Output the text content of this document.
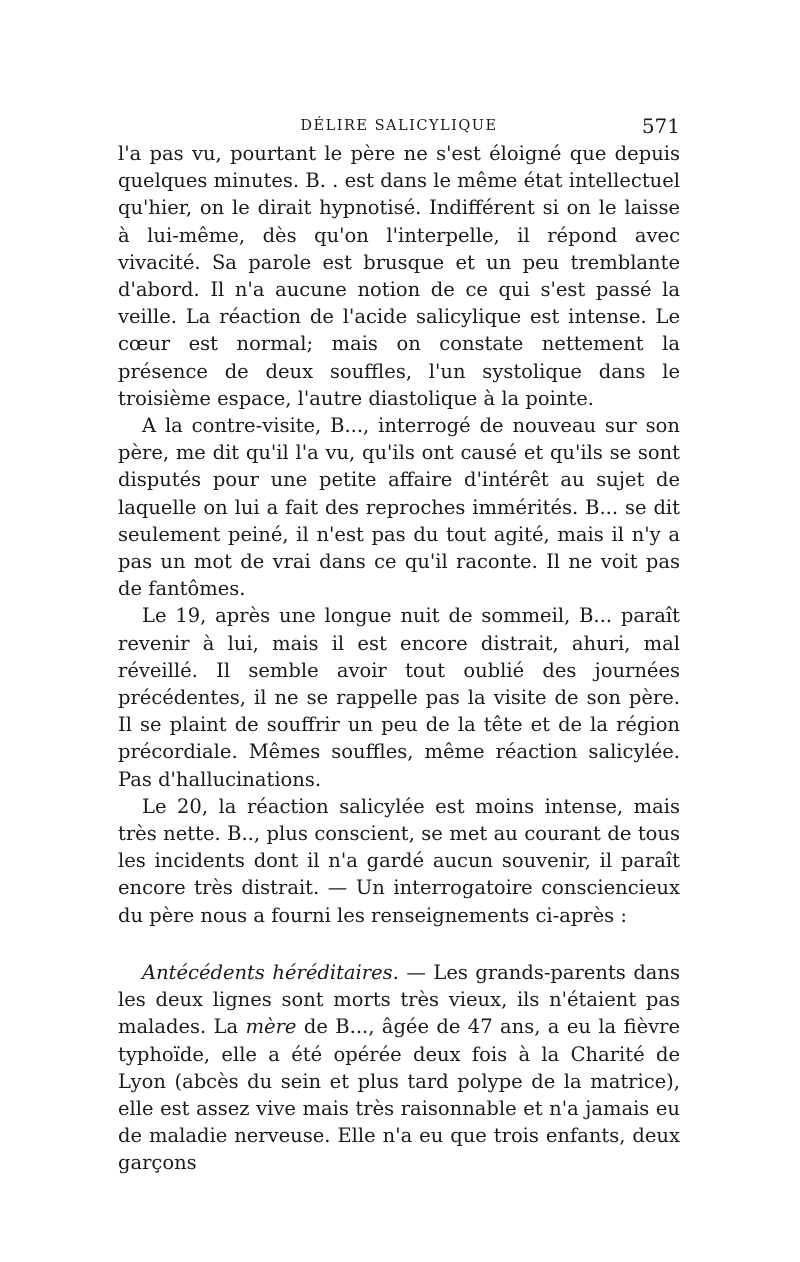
DÉLIRE SALICYLIQUE	571

l'a pas vu, pourtant le père ne s'est éloigné que depuis quelques minutes. B. . est dans le même état intellectuel qu'hier, on le dirait hypnotisé. Indifférent si on le laisse à lui-même, dès qu'on l'interpelle, il répond avec vivacité. Sa parole est brusque et un peu tremblante d'abord. Il n'a aucune notion de ce qui s'est passé la veille. La réaction de l'acide salicylique est intense. Le cœur est normal; mais on constate nettement la présence de deux souffles, l'un systolique dans le troisième espace, l'autre diastolique à la pointe.

A la contre-visite, B..., interrogé de nouveau sur son père, me dit qu'il l'a vu, qu'ils ont causé et qu'ils se sont disputés pour une petite affaire d'intérêt au sujet de laquelle on lui a fait des reproches immérités. B... se dit seulement peiné, il n'est pas du tout agité, mais il n'y a pas un mot de vrai dans ce qu'il raconte. Il ne voit pas de fantômes.

Le 19, après une longue nuit de sommeil, B... paraît revenir à lui, mais il est encore distrait, ahuri, mal réveillé. Il semble avoir tout oublié des journées précédentes, il ne se rappelle pas la visite de son père. Il se plaint de souffrir un peu de la tête et de la région précordiale. Mêmes souffles, même réaction salicylée. Pas d'hallucinations.

Le 20, la réaction salicylée est moins intense, mais très nette. B.., plus conscient, se met au courant de tous les incidents dont il n'a gardé aucun souvenir, il paraît encore très distrait. — Un interrogatoire consciencieux du père nous a fourni les renseignements ci-après :

Antécédents héréditaires. — Les grands-parents dans les deux lignes sont morts très vieux, ils n'étaient pas malades. La mère de B..., âgée de 47 ans, a eu la fièvre typhoïde, elle a été opérée deux fois à la Charité de Lyon (abcès du sein et plus tard polype de la matrice), elle est assez vive mais très raisonnable et n'a jamais eu de maladie nerveuse. Elle n'a eu que trois enfants, deux garçons
